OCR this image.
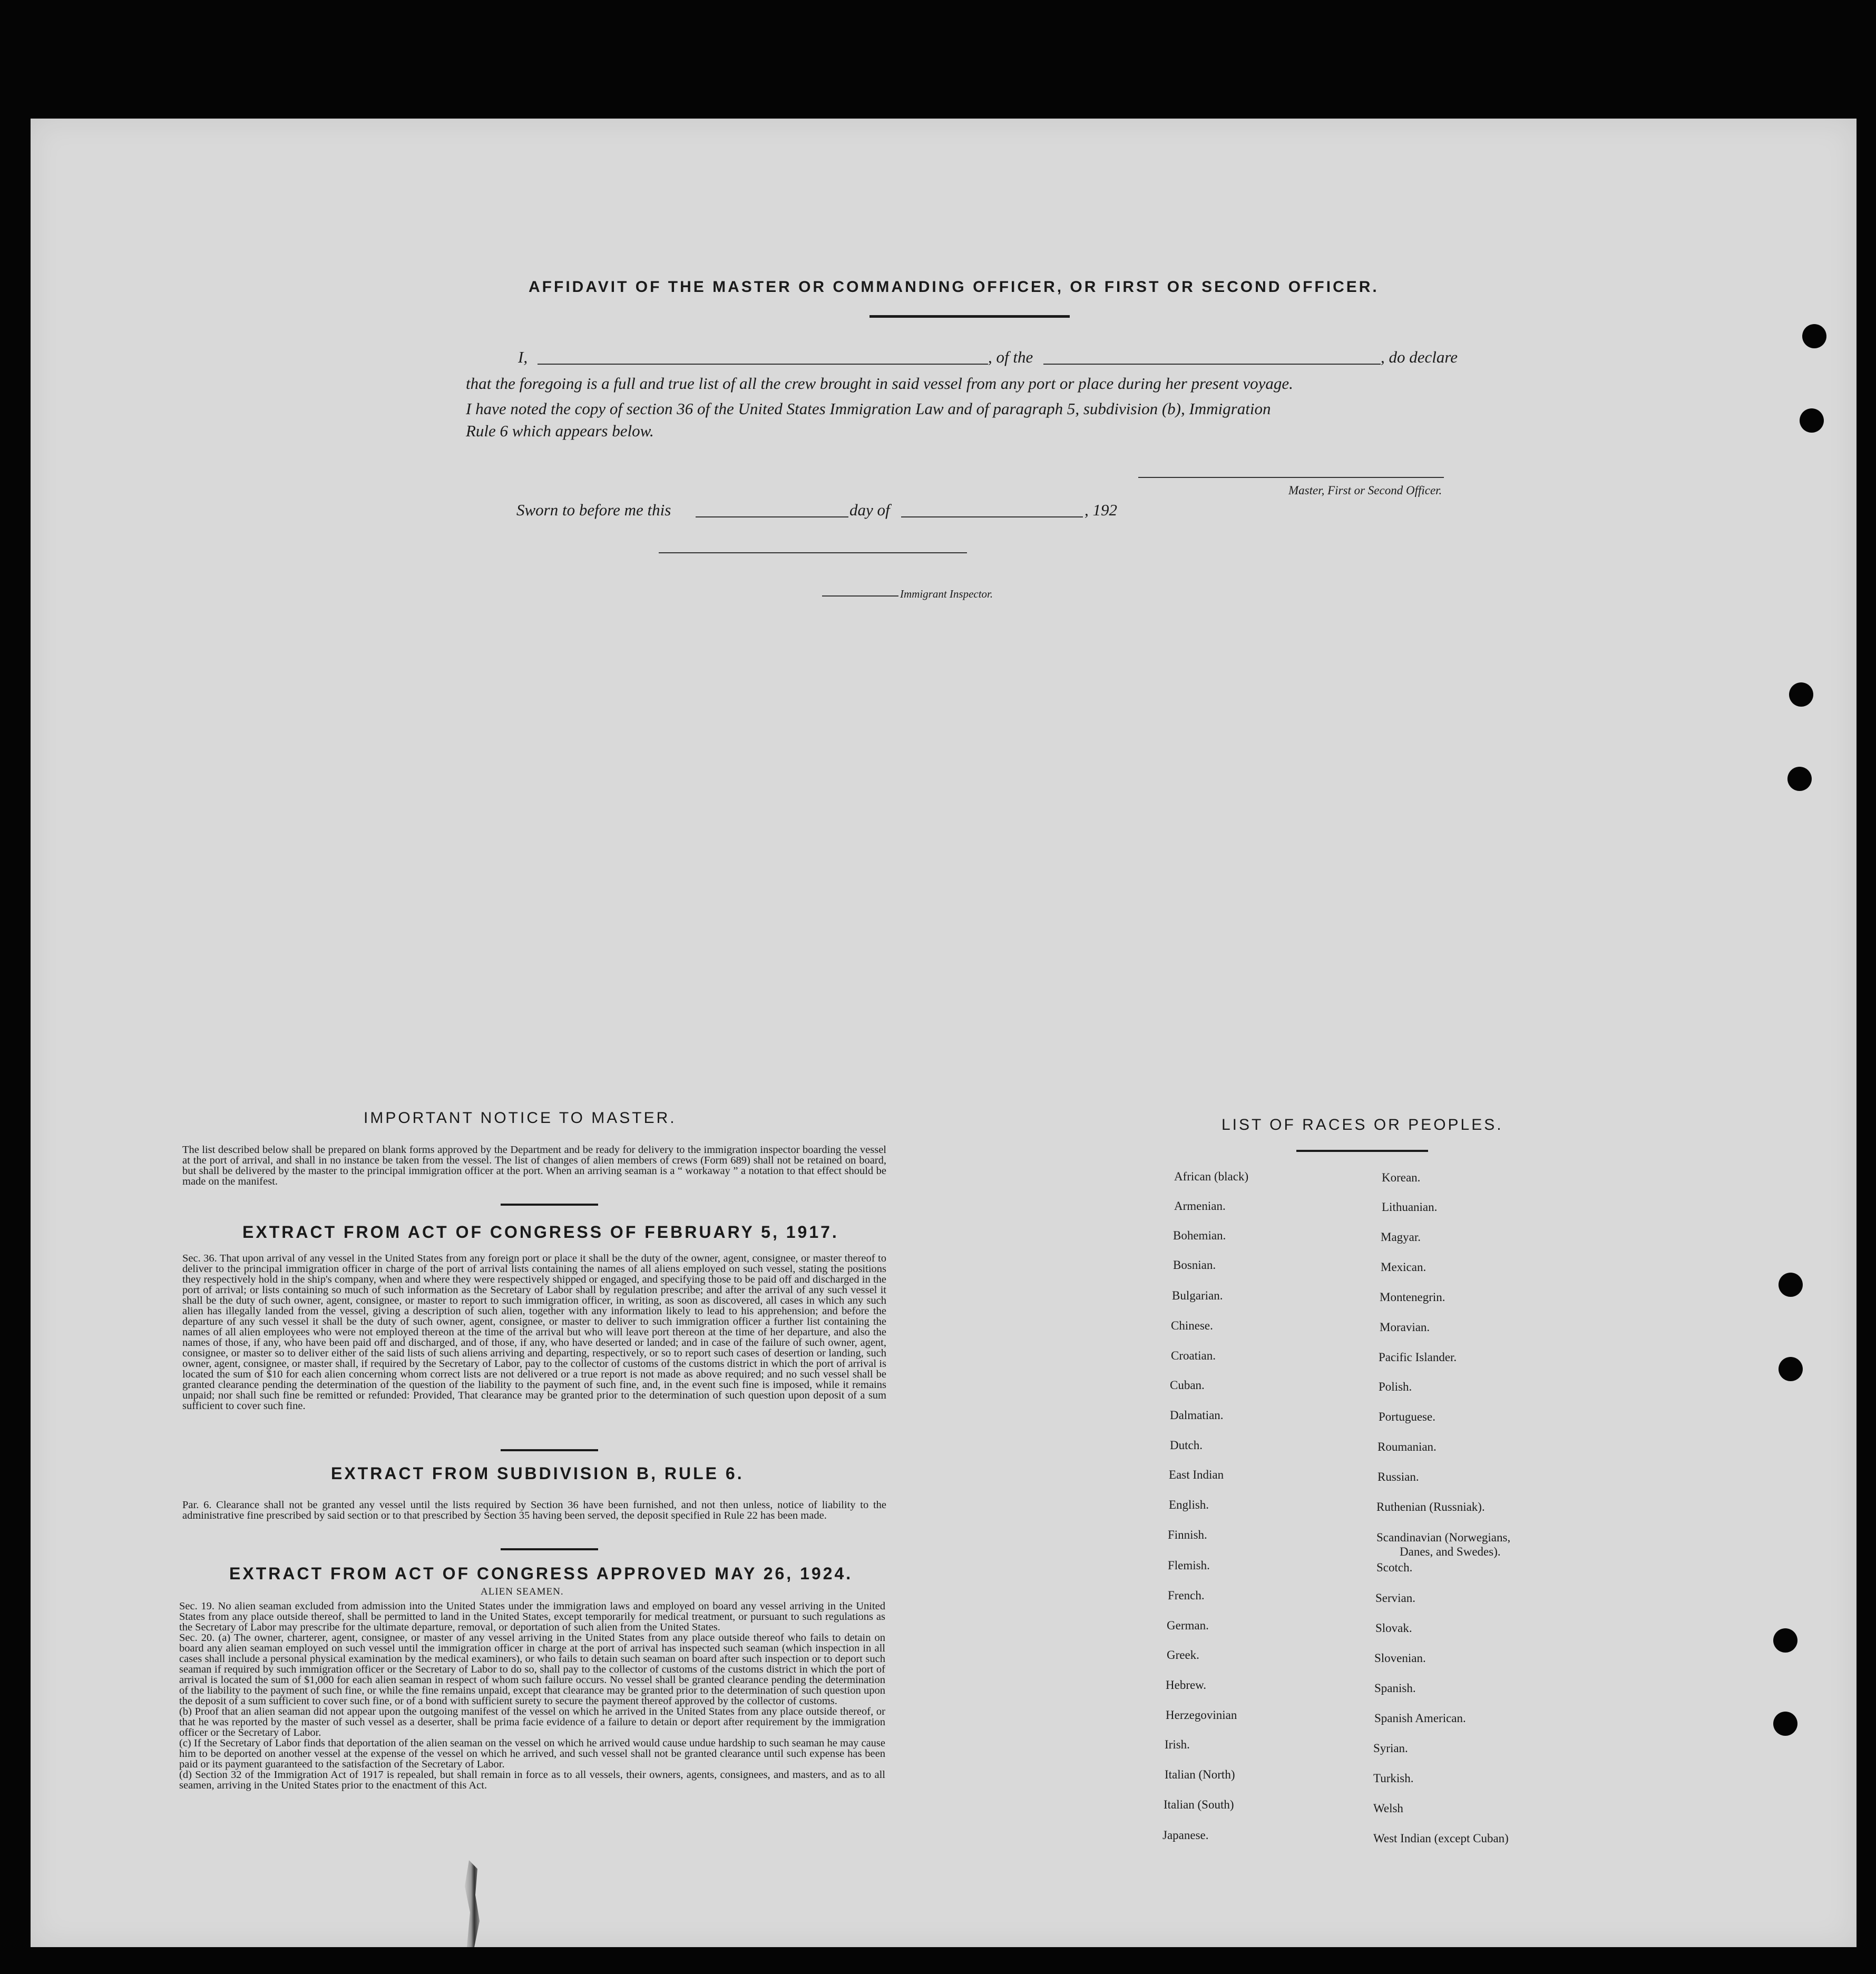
AFFIDAVIT OF THE MASTER OR COMMANDING OFFICER, OR FIRST OR SECOND OFFICER.
I,	, of the	, do declare
that the foregoing is a full and true list of all the crew brought in said vessel from any port or place during her present voyage.
I have noted the copy of section 36 of the United States Immigration Law and of paragraph 5, subdivision (b), Immigration
Rule 6 which appears below.
Master, First or Second Officer.
Sworn to before me this	day of	, 192
Immigrant Inspector.
IMPORTANT NOTICE TO MASTER.

The list described below shall be prepared on blank forms approved by the Department and be ready for delivery to the immigration inspector boarding the vessel at the port of arrival, and shall in no instance be taken from the vessel. The list of changes of alien members of crews (Form 689) shall not be retained on board, but shall be delivered by the master to the principal immigration officer at the port. When an arriving seaman is a “ workaway ” a notation to that effect should be made on the manifest.

EXTRACT FROM ACT OF CONGRESS OF FEBRUARY 5, 1917.

Sec. 36. That upon arrival of any vessel in the United States from any foreign port or place it shall be the duty of the owner, agent, consignee, or master thereof to deliver to the principal immigration officer in charge of the port of arrival lists containing the names of all aliens employed on such vessel, stating the positions they respectively hold in the ship's company, when and where they were respectively shipped or engaged, and specifying those to be paid off and discharged in the port of arrival; or lists containing so much of such information as the Secretary of Labor shall by regulation prescribe; and after the arrival of any such vessel it shall be the duty of such owner, agent, consignee, or master to report to such immigration officer, in writing, as soon as discovered, all cases in which any such alien has illegally landed from the vessel, giving a description of such alien, together with any information likely to lead to his apprehension; and before the departure of any such vessel it shall be the duty of such owner, agent, consignee, or master to deliver to such immigration officer a further list containing the names of all alien employees who were not employed thereon at the time of the arrival but who will leave port thereon at the time of her departure, and also the names of those, if any, who have been paid off and discharged, and of those, if any, who have deserted or landed; and in case of the failure of such owner, agent, consignee, or master so to deliver either of the said lists of such aliens arriving and departing, respectively, or so to report such cases of desertion or landing, such owner, agent, consignee, or master shall, if required by the Secretary of Labor, pay to the collector of customs of the customs district in which the port of arrival is located the sum of $10 for each alien concerning whom correct lists are not delivered or a true report is not made as above required; and no such vessel shall be granted clearance pending the determination of the question of the liability to the payment of such fine, and, in the event such fine is imposed, while it remains unpaid; nor shall such fine be remitted or refunded: Provided, That clearance may be granted prior to the determination of such question upon deposit of a sum sufficient to cover such fine.

EXTRACT FROM SUBDIVISION B, RULE 6.

Par. 6. Clearance shall not be granted any vessel until the lists required by Section 36 have been furnished, and not then unless, notice of liability to the administrative fine prescribed by said section or to that prescribed by Section 35 having been served, the deposit specified in Rule 22 has been made.

EXTRACT FROM ACT OF CONGRESS APPROVED MAY 26, 1924.
ALIEN SEAMEN.

Sec. 19. No alien seaman excluded from admission into the United States under the immigration laws and employed on board any vessel arriving in the United States from any place outside thereof, shall be permitted to land in the United States, except temporarily for medical treatment, or pursuant to such regulations as the Secretary of Labor may prescribe for the ultimate departure, removal, or deportation of such alien from the United States.

Sec. 20. (a) The owner, charterer, agent, consignee, or master of any vessel arriving in the United States from any place outside thereof who fails to detain on board any alien seaman employed on such vessel until the immigration officer in charge at the port of arrival has inspected such seaman (which inspection in all cases shall include a personal physical examination by the medical examiners), or who fails to detain such seaman on board after such inspection or to deport such seaman if required by such immigration officer or the Secretary of Labor to do so, shall pay to the collector of customs of the customs district in which the port of arrival is located the sum of $1,000 for each alien seaman in respect of whom such failure occurs. No vessel shall be granted clearance pending the determination of the liability to the payment of such fine, or while the fine remains unpaid, except that clearance may be granted prior to the determination of such question upon the deposit of a sum sufficient to cover such fine, or of a bond with sufficient surety to secure the payment thereof approved by the collector of customs.

(b) Proof that an alien seaman did not appear upon the outgoing manifest of the vessel on which he arrived in the United States from any place outside thereof, or that he was reported by the master of such vessel as a deserter, shall be prima facie evidence of a failure to detain or deport after requirement by the immigration officer or the Secretary of Labor.

(c) If the Secretary of Labor finds that deportation of the alien seaman on the vessel on which he arrived would cause undue hardship to such seaman he may cause him to be deported on another vessel at the expense of the vessel on which he arrived, and such vessel shall not be granted clearance until such expense has been paid or its payment guaranteed to the satisfaction of the Secretary of Labor.

(d) Section 32 of the Immigration Act of 1917 is repealed, but shall remain in force as to all vessels, their owners, agents, consignees, and masters, and as to all seamen, arriving in the United States prior to the enactment of this Act.

LIST OF RACES OR PEOPLES.
African (black)
Armenian.
Bohemian.
Bosnian.
Bulgarian.
Chinese.
Croatian.
Cuban.
Dalmatian.
Dutch.
East Indian
English.
Finnish.
Flemish.
French.
German.
Greek.
Hebrew.
Herzegovinian
Irish.
Italian (North)
Italian (South)
Japanese.
Korean.
Lithuanian.
Magyar.
Mexican.
Montenegrin.
Moravian.
Pacific Islander.
Polish.
Portuguese.
Roumanian.
Russian.
Ruthenian (Russniak).
Scandinavian (Norwegians,
Danes, and Swedes).
Scotch.
Servian.
Slovak.
Slovenian.
Spanish.
Spanish American.
Syrian.
Turkish.
Welsh
West Indian (except Cuban)
